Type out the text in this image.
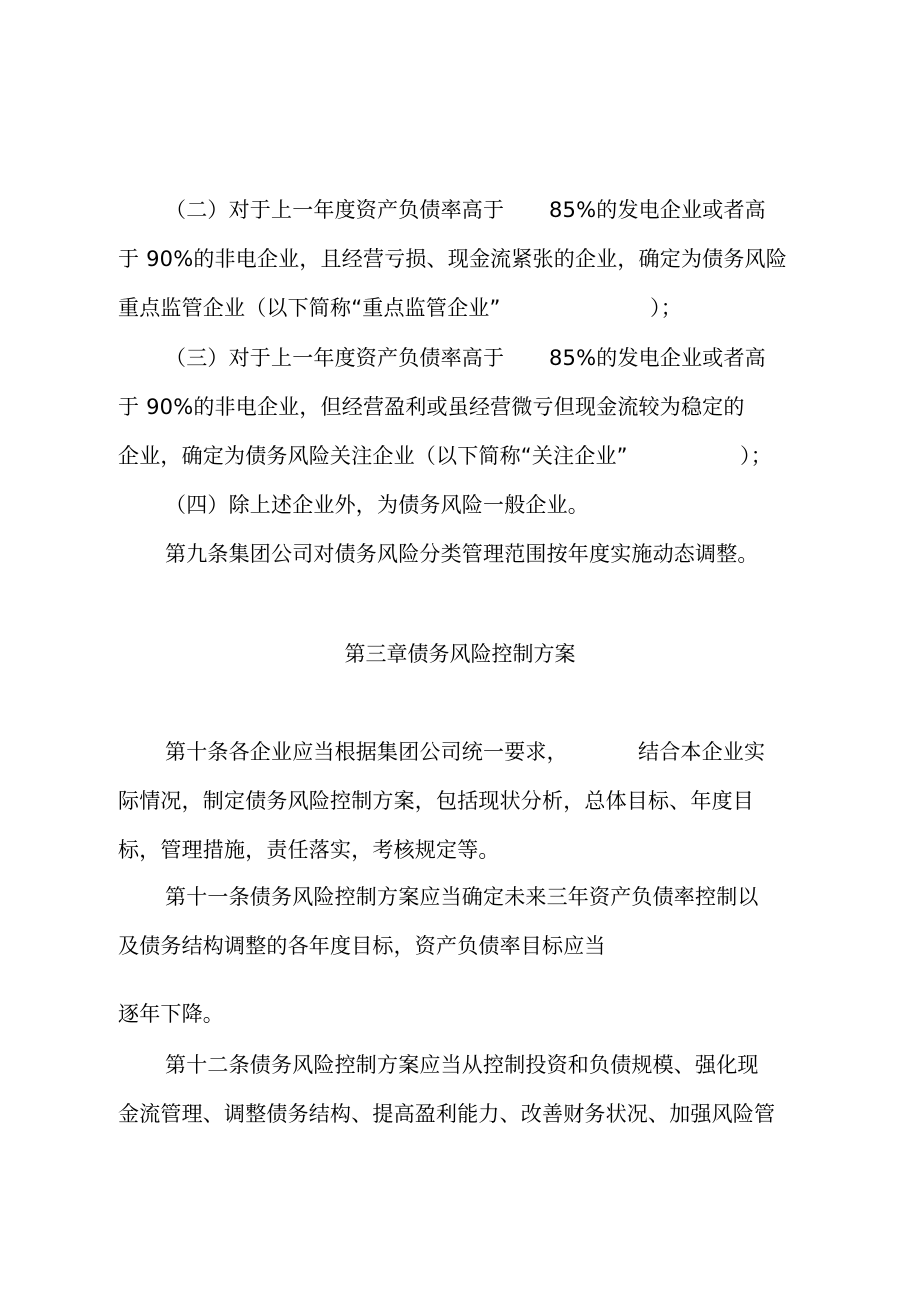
（二）对于上一年度资产负债率高于 85%的发电企业或者高
于 90%的非电企业，且经营亏损、现金流紧张的企业，确定为债务风险
重点监管企业（以下简称“重点监管企业”	）；
（三）对于上一年度资产负债率高于 85%的发电企业或者高
于 90%的非电企业，但经营盈利或虽经营微亏但现金流较为稳定的
企业，确定为债务风险关注企业（以下简称“关注企业”	）；
（四）除上述企业外，为债务风险一般企业。
第九条集团公司对债务风险分类管理范围按年度实施动态调整。
第三章债务风险控制方案
第十条各企业应当根据集团公司统一要求，	结合本企业实
际情况，制定债务风险控制方案，包括现状分析，总体目标、年度目
标，管理措施，责任落实，考核规定等。
第十一条债务风险控制方案应当确定未来三年资产负债率控制以
及债务结构调整的各年度目标，资产负债率目标应当
逐年下降。
第十二条债务风险控制方案应当从控制投资和负债规模、强化现
金流管理、调整债务结构、提高盈利能力、改善财务状况、加强风险管
